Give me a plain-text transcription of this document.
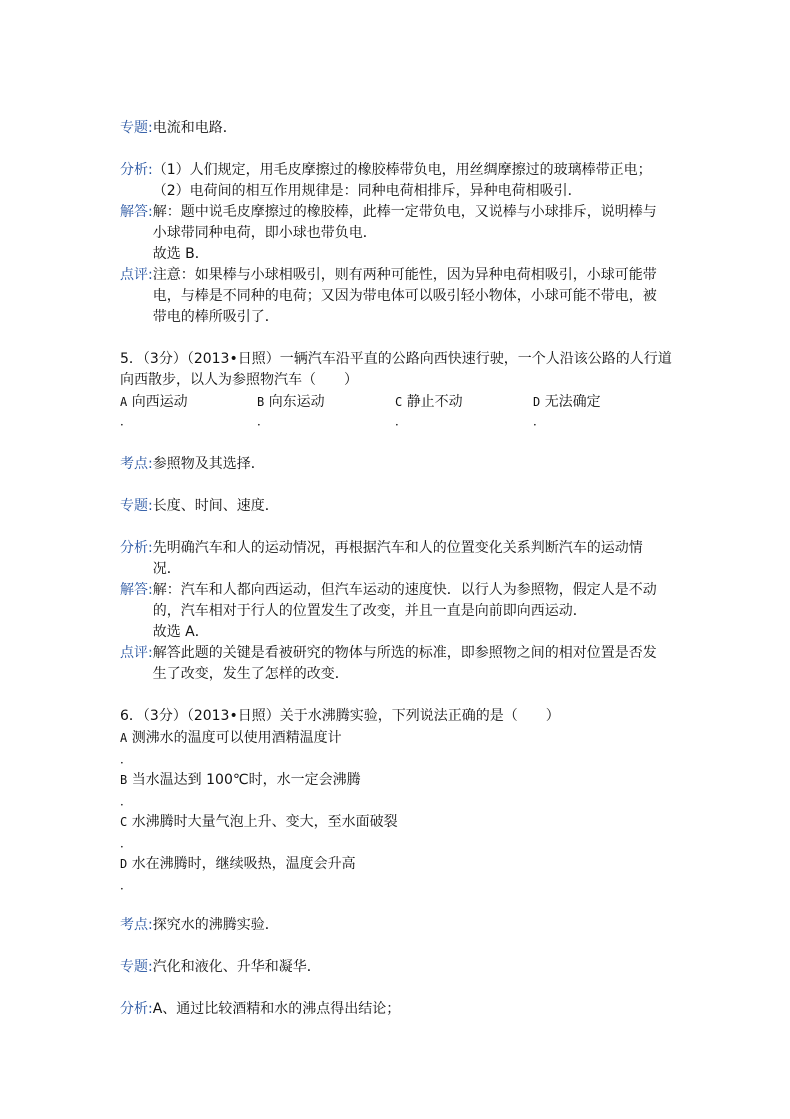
专题: 电流和电路．
分析: （1）人们规定，用毛皮摩擦过的橡胶棒带负电，用丝绸摩擦过的玻璃棒带正电；
（2）电荷间的相互作用规律是：同种电荷相排斥，异种电荷相吸引．
解答: 解：题中说毛皮摩擦过的橡胶棒，此棒一定带负电，又说棒与小球排斥，说明棒与
小球带同种电荷，即小球也带负电．
故选 B．
点评: 注意：如果棒与小球相吸引，则有两种可能性，因为异种电荷相吸引，小球可能带
电，与棒是不同种的电荷；又因为带电体可以吸引轻小物体，小球可能不带电，被
带电的棒所吸引了．
5．（3分）（2013•日照）一辆汽车沿平直的公路向西快速行驶，一个人沿该公路的人行道
向西散步，以人为参照物汽车（　　）
A 向西运动	B 向东运动	C 静止不动	D 无法确定
．	．	．	．
考点: 参照物及其选择．
专题: 长度、时间、速度．
分析: 先明确汽车和人的运动情况，再根据汽车和人的位置变化关系判断汽车的运动情
况．
解答: 解：汽车和人都向西运动，但汽车运动的速度快．以行人为参照物，假定人是不动
的，汽车相对于行人的位置发生了改变，并且一直是向前即向西运动．
故选 A．
点评: 解答此题的关键是看被研究的物体与所选的标准，即参照物之间的相对位置是否发
生了改变，发生了怎样的改变．
6．（3分）（2013•日照）关于水沸腾实验，下列说法正确的是（　　）
A 测沸水的温度可以使用酒精温度计
．
B 当水温达到 100℃时，水一定会沸腾
．
C 水沸腾时大量气泡上升、变大，至水面破裂
．
D 水在沸腾时，继续吸热，温度会升高
．
考点: 探究水的沸腾实验．
专题: 汽化和液化、升华和凝华．
分析: A、通过比较酒精和水的沸点得出结论；
